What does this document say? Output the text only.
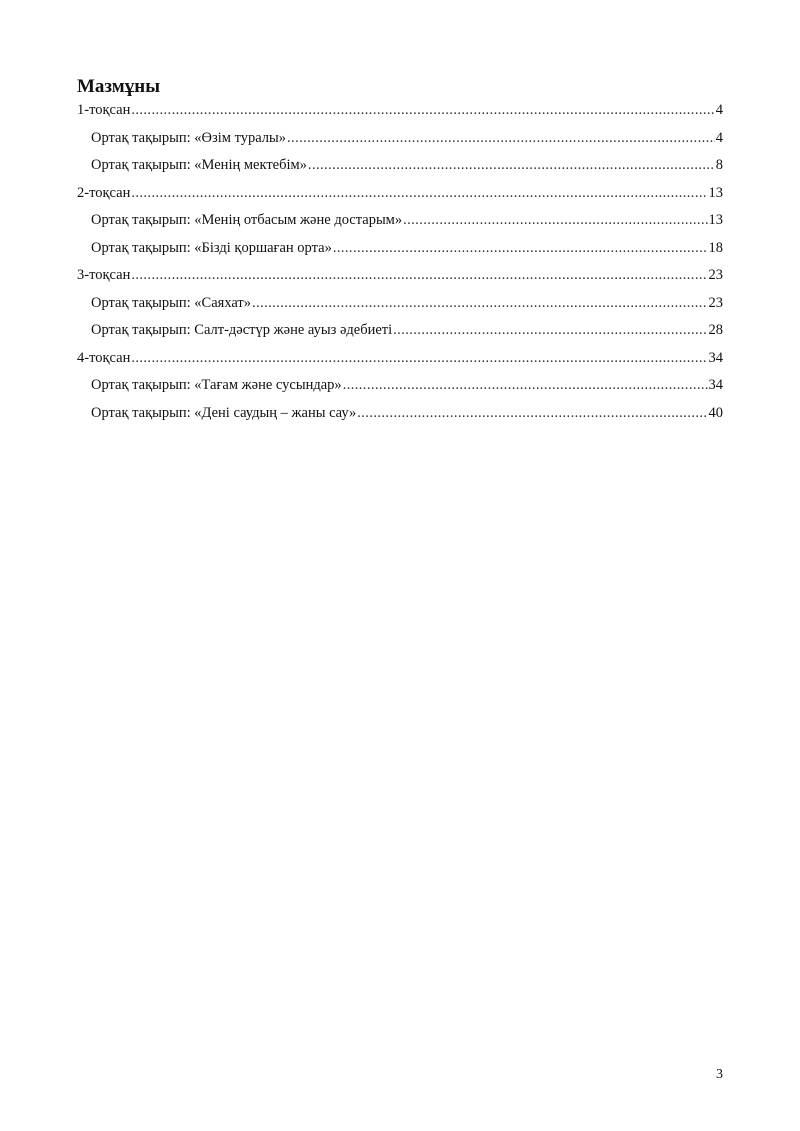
Мазмұны
1-тоқсан .....	4
Ортақ тақырып: «Өзім туралы» .....	4
Ортақ тақырып: «Менің мектебім» .....	8
2-тоқсан .....	13
Ортақ тақырып: «Менің отбасым және достарым» .....	13
Ортақ тақырып: «Бізді қоршаған орта» .....	18
3-тоқсан .....	23
Ортақ тақырып: «Саяхат» .....	23
Ортақ тақырып: Салт-дәстүр және ауыз әдебиеті .....	28
4-тоқсан .....	34
Ортақ тақырып: «Тағам және сусындар» .....	34
Ортақ тақырып: «Дені саудың – жаны сау» .....	40
3
